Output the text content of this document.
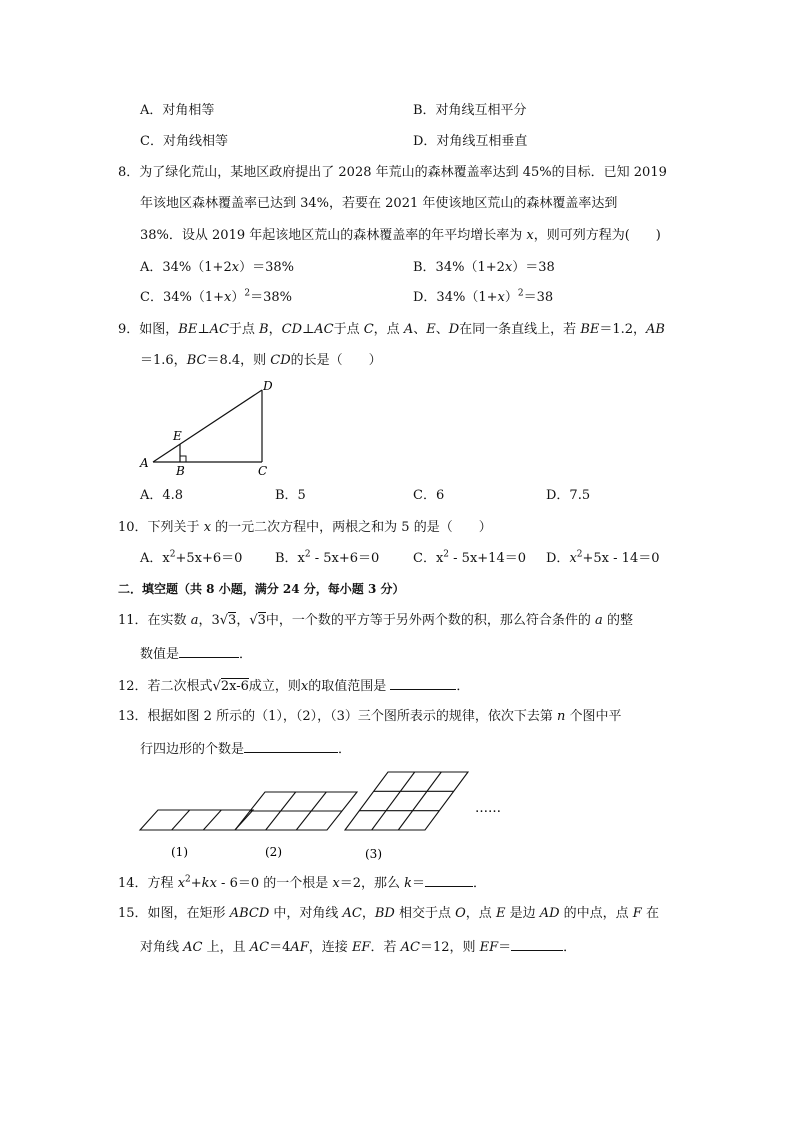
A．对角相等	B．对角线互相平分
C．对角线相等	D．对角线互相垂直
8．为了绿化荒山，某地区政府提出了 2028 年荒山的森林覆盖率达到 45%的目标．已知 2019
年该地区森林覆盖率已达到 34%，若要在 2021 年使该地区荒山的森林覆盖率达到
38%．设从 2019 年起该地区荒山的森林覆盖率的年平均增长率为 x，则可列方程为(　　)
A．34%（1+2x）＝38%	B．34%（1+2x）＝38
C．$34\%(1+x)^2=38\%$	D．$34\%(1+x)^2=38$
9．如图，BE⊥AC于点 B，CD⊥AC于点 C，点 A、E、D在同一条直线上，若 BE＝1.2，AB
＝1.6，BC＝8.4，则 CD的长是（　　）
A
B	C
D
E
A．4.8	B．5	C．6	D．7.5
10．下列关于 x 的一元二次方程中，两根之和为 5 的是（　　）
A．$x^2+5x+6=0$	B．$x^2 - 5x+6=0$	C．$x^2 - 5x+14=0$ D．$x^2+5x - 14=0$
二．填空题（共 8 小题，满分 24 分，每小题 3 分）
11．在实数 a，3√3，√3中，一个数的平方等于另外两个数的积，那么符合条件的 a 的整
数值是	．
12．若二次根式√2x-6成立，则x的取值范围是	．
13．根据如图 2 所示的（1），（2），（3）三个图所表示的规律，依次下去第 n 个图中平
行四边形的个数是	．
……
(1)	(2)	(3)
14．方程 $x^2+kx - 6=0$ 的一个根是 x＝2，那么 k＝	．
15．如图，在矩形 ABCD 中，对角线 AC，BD 相交于点 O，点 E 是边 AD 的中点，点 F 在
对角线 AC 上，且 AC＝4AF，连接 EF．若 AC＝12，则 EF＝	．
